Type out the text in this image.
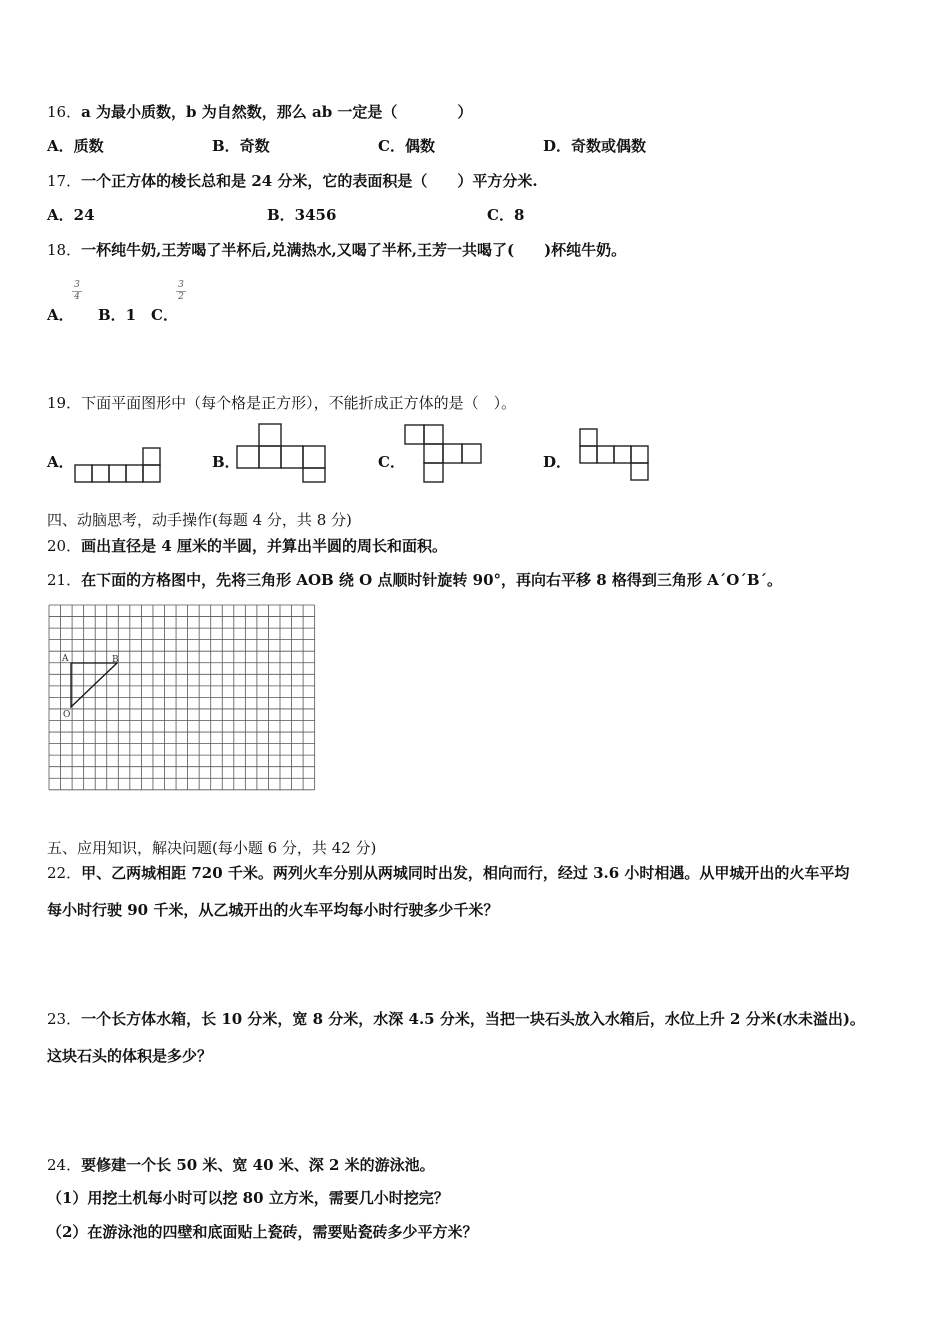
16．a 为最小质数，b 为自然数，那么 ab 一定是（　　　　）
A．质数	B．奇数	C．偶数	D．奇数或偶数
17．一个正方体的棱长总和是 24 分米，它的表面积是（　　）平方分米.
A．24	B．3456	C．8
18．一杯纯牛奶,王芳喝了半杯后,兑满热水,又喝了半杯,王芳一共喝了(　　)杯纯牛奶。
A．
3
4
B．1 C．
3
2
19．下面平面图形中（每个格是正方形），不能折成正方体的是（　）。
A．	B．	C．	D．
四、动脑思考，动手操作(每题 4 分，共 8 分)
20．画出直径是 4 厘米的半圆，并算出半圆的周长和面积。
21．在下面的方格图中，先将三角形 AOB 绕 O 点顺时针旋转 90°，再向右平移 8 格得到三角形 A´O´B´。
A	B
O
五、应用知识，解决问题(每小题 6 分，共 42 分)
22．甲、乙两城相距 720 千米。两列火车分别从两城同时出发，相向而行，经过 3.6 小时相遇。从甲城开出的火车平均
每小时行驶 90 千米，从乙城开出的火车平均每小时行驶多少千米？
23．一个长方体水箱，长 10 分米，宽 8 分米，水深 4.5 分米，当把一块石头放入水箱后，水位上升 2 分米(水未溢出)。
这块石头的体积是多少？
24．要修建一个长 50 米、宽 40 米、深 2 米的游泳池。
（1）用挖土机每小时可以挖 80 立方米，需要几小时挖完？
（2）在游泳池的四壁和底面贴上瓷砖，需要贴瓷砖多少平方米？
